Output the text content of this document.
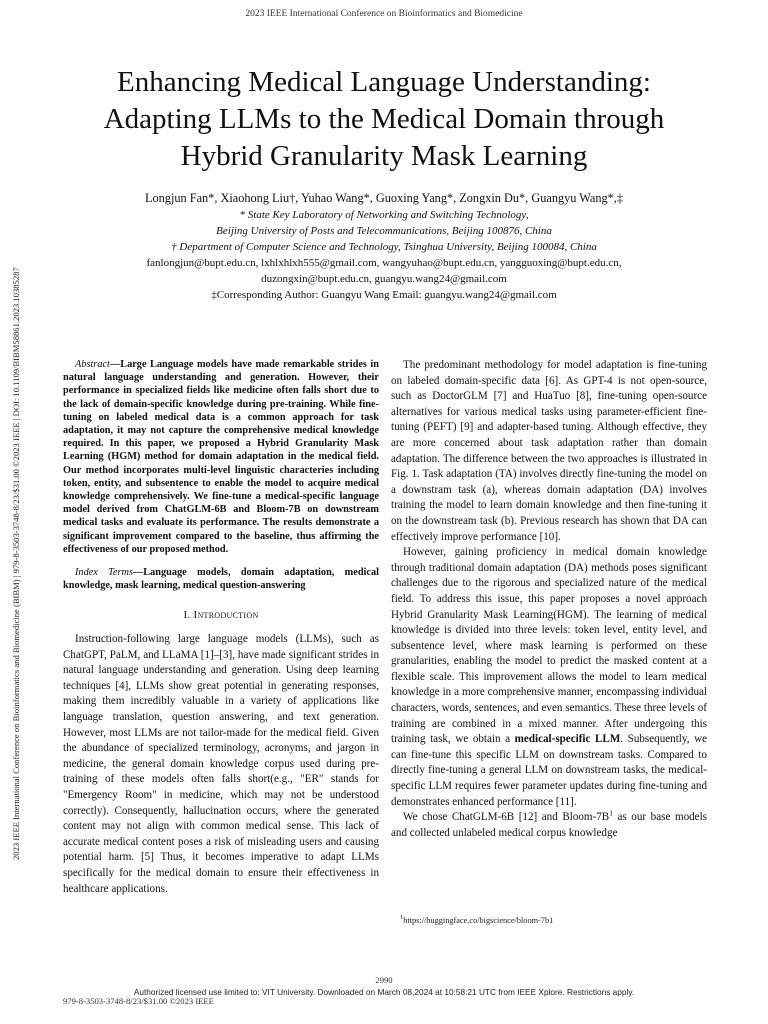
2023 IEEE International Conference on Bioinformatics and Biomedicine
2023 IEEE International Conference on Bioinformatics and Biomedicine (BIBM) | 979-8-3503-3748-8/23/$31.00 ©2023 IEEE | DOI: 10.1109/BIBM58861.2023.10385287
Enhancing Medical Language Understanding:
Adapting LLMs to the Medical Domain through
Hybrid Granularity Mask Learning
Longjun Fan*, Xiaohong Liu†, Yuhao Wang*, Guoxing Yang*, Zongxin Du*, Guangyu Wang*,‡
* State Key Laboratory of Networking and Switching Technology,
Beijing University of Posts and Telecommunications, Beijing 100876, China
† Department of Computer Science and Technology, Tsinghua University, Beijing 100084, China
fanlongjun@bupt.edu.cn, lxhlxhlxh555@gmail.com, wangyuhao@bupt.edu.cn, yangguoxing@bupt.edu.cn,
duzongxin@bupt.edu.cn, guangyu.wang24@gmail.com
‡Corresponding Author: Guangyu Wang Email: guangyu.wang24@gmail.com

Abstract—Large Language models have made remarkable strides in natural language understanding and generation. However, their performance in specialized fields like medicine often falls short due to the lack of domain-specific knowledge during pre-training. While fine-tuning on labeled medical data is a common approach for task adaptation, it may not capture the comprehensive medical knowledge required. In this paper, we proposed a Hybrid Granularity Mask Learning (HGM) method for domain adaptation in the medical field. Our method incorporates multi-level linguistic characteries including token, entity, and subsentence to enable the model to acquire medical knowledge comprehensively. We fine-tune a medical-specific language model derived from ChatGLM-6B and Bloom-7B on downstream medical tasks and evaluate its performance. The results demonstrate a significant improvement compared to the baseline, thus affirming the effectiveness of our proposed method.

Index Terms—Language models, domain adaptation, medical knowledge, mask learning, medical question-answering

I. Introduction

Instruction-following large language models (LLMs), such as ChatGPT, PaLM, and LLaMA [1]–[3], have made significant strides in natural language understanding and generation. Using deep learning techniques [4], LLMs show great potential in generating responses, making them incredibly valuable in a variety of applications like language translation, question answering, and text generation. However, most LLMs are not tailor-made for the medical field. Given the abundance of specialized terminology, acronyms, and jargon in medicine, the general domain knowledge corpus used during pre-training of these models often falls short(e.g., "ER" stands for "Emergency Room" in medicine, which may not be understood correctly). Consequently, hallucination occurs, where the generated content may not align with common medical sense. This lack of accurate medical content poses a risk of misleading users and causing potential harm. [5] Thus, it becomes imperative to adapt LLMs specifically for the medical domain to ensure their effectiveness in healthcare applications.

The predominant methodology for model adaptation is fine-tuning on labeled domain-specific data [6]. As GPT-4 is not open-source, such as DoctorGLM [7] and HuaTuo [8], fine-tuning open-source alternatives for various medical tasks using parameter-efficient fine-tuning (PEFT) [9] and adapter-based tuning. Although effective, they are more concerned about task adaptation rather than domain adaptation. The difference between the two approaches is illustrated in Fig. 1. Task adaptation (TA) involves directly fine-tuning the model on a downstram task (a), whereas domain adaptation (DA) involves training the model to learn domain knowledge and then fine-tuning it on the downstream task (b). Previous research has shown that DA can effectively improve performance [10].

However, gaining proficiency in medical domain knowledge through traditional domain adaptation (DA) methods poses significant challenges due to the rigorous and specialized nature of the medical field. To address this issue, this paper proposes a novel approach Hybrid Granularity Mask Learning(HGM). The learning of medical knowledge is divided into three levels: token level, entity level, and subsentence level, where mask learning is performed on these granularities, enabling the model to predict the masked content at a flexible scale. This improvement allows the model to learn medical knowledge in a more comprehensive manner, encompassing individual characters, words, sentences, and even semantics. These three levels of training are combined in a mixed manner. After undergoing this training task, we obtain a medical-specific LLM. Subsequently, we can fine-tune this specific LLM on downstream tasks. Compared to directly fine-tuning a general LLM on downstream tasks, the medical-specific LLM requires fewer parameter updates during fine-tuning and demonstrates enhanced performance [11].

We chose ChatGLM-6B [12] and Bloom-7B$^1$ as our base models and collected unlabeled medical corpus knowledge

$^1$https://huggingface.co/bigscience/bloom-7b1
2990
Authorized licensed use limited to: VIT University. Downloaded on March 08,2024 at 10:58:21 UTC from IEEE Xplore. Restrictions apply.
979-8-3503-3748-8/23/$31.00 ©2023 IEEE
